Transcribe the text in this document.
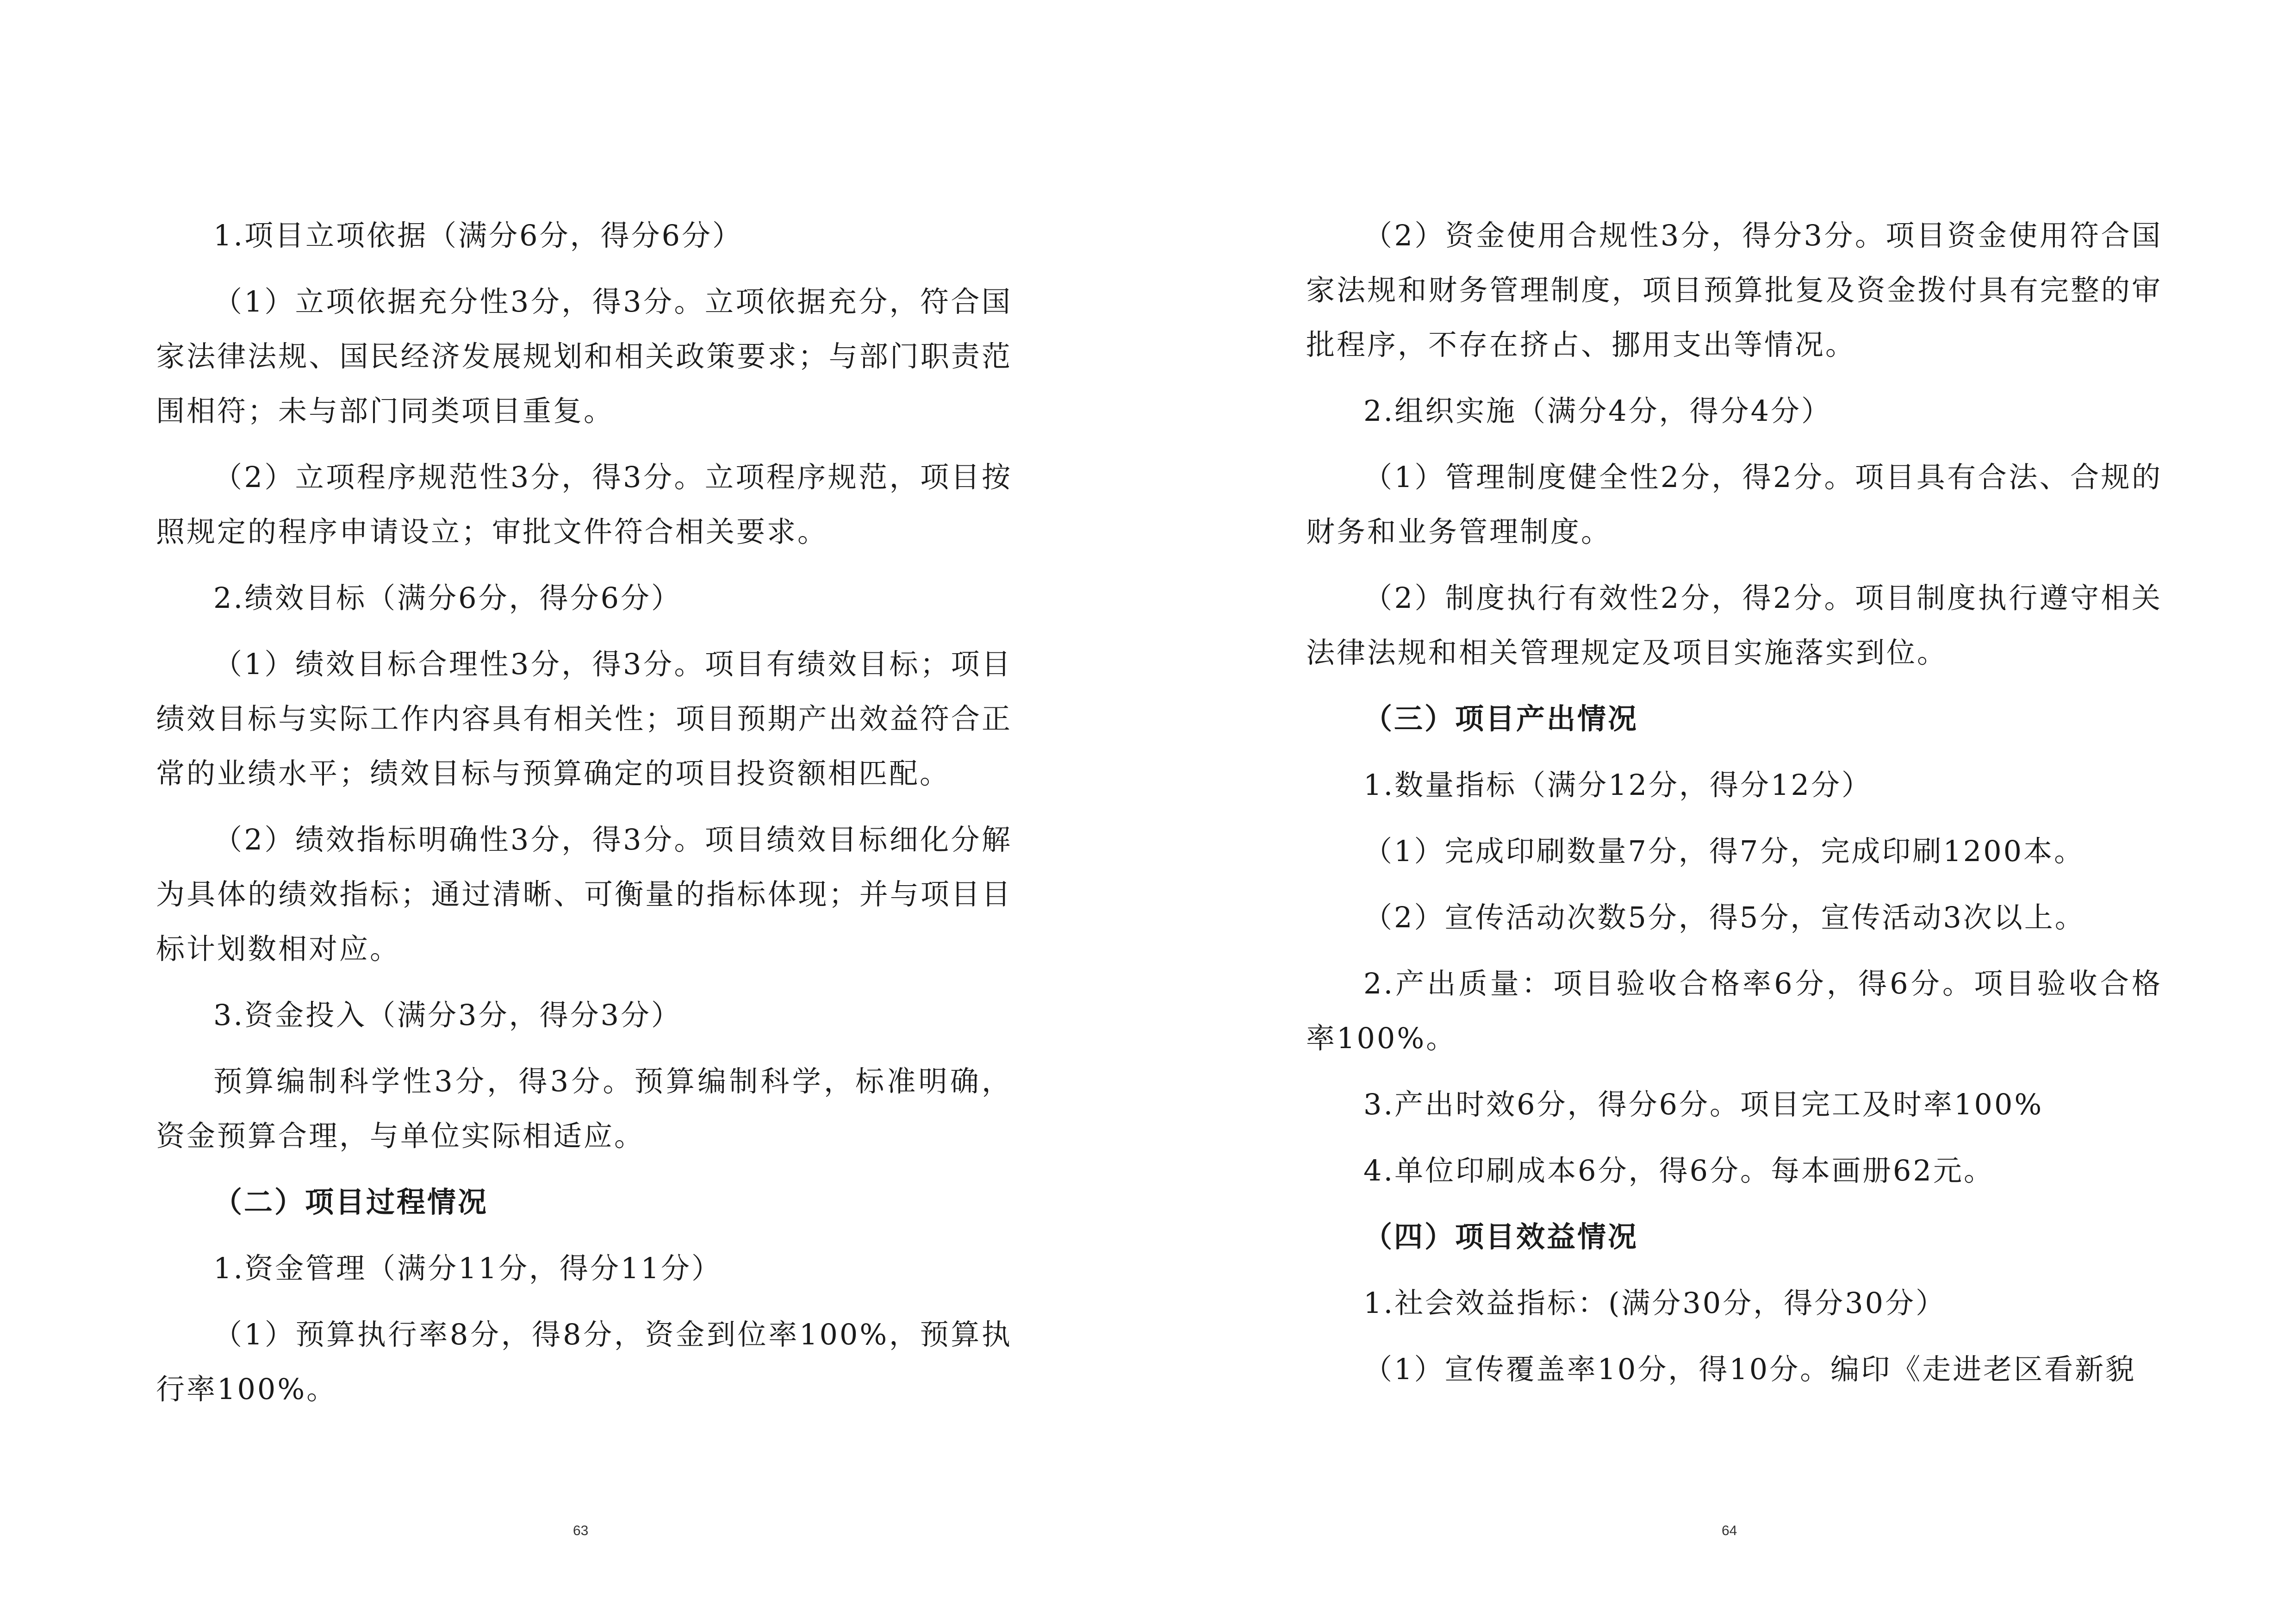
1.项目立项依据（满分6分，得分6分）

（1）立项依据充分性3分，得3分。立项依据充分，符合国家法律法规、国民经济发展规划和相关政策要求；与部门职责范围相符；未与部门同类项目重复。

（2）立项程序规范性3分，得3分。立项程序规范，项目按照规定的程序申请设立；审批文件符合相关要求。

2.绩效目标（满分6分，得分6分）

（1）绩效目标合理性3分，得3分。项目有绩效目标；项目绩效目标与实际工作内容具有相关性；项目预期产出效益符合正常的业绩水平；绩效目标与预算确定的项目投资额相匹配。

（2）绩效指标明确性3分，得3分。项目绩效目标细化分解为具体的绩效指标；通过清晰、可衡量的指标体现；并与项目目标计划数相对应。

3.资金投入（满分3分，得分3分）

预算编制科学性3分，得3分。预算编制科学，标准明确，资金预算合理，与单位实际相适应。

（二）项目过程情况

1.资金管理（满分11分，得分11分）

（1）预算执行率8分，得8分，资金到位率100%，预算执行率100%。

63

（2）资金使用合规性3分，得分3分。项目资金使用符合国家法规和财务管理制度，项目预算批复及资金拨付具有完整的审批程序，不存在挤占、挪用支出等情况。

2.组织实施（满分4分，得分4分）

（1）管理制度健全性2分，得2分。项目具有合法、合规的财务和业务管理制度。

（2）制度执行有效性2分，得2分。项目制度执行遵守相关法律法规和相关管理规定及项目实施落实到位。

（三）项目产出情况

1.数量指标（满分12分，得分12分）

（1）完成印刷数量7分，得7分，完成印刷1200本。

（2）宣传活动次数5分，得5分，宣传活动3次以上。

2.产出质量：项目验收合格率6分，得6分。项目验收合格率100%。

3.产出时效6分，得分6分。项目完工及时率100%

4.单位印刷成本6分，得6分。每本画册62元。

（四）项目效益情况

1.社会效益指标：(满分30分，得分30分）

（1）宣传覆盖率10分，得10分。编印《走进老区看新貌

64
